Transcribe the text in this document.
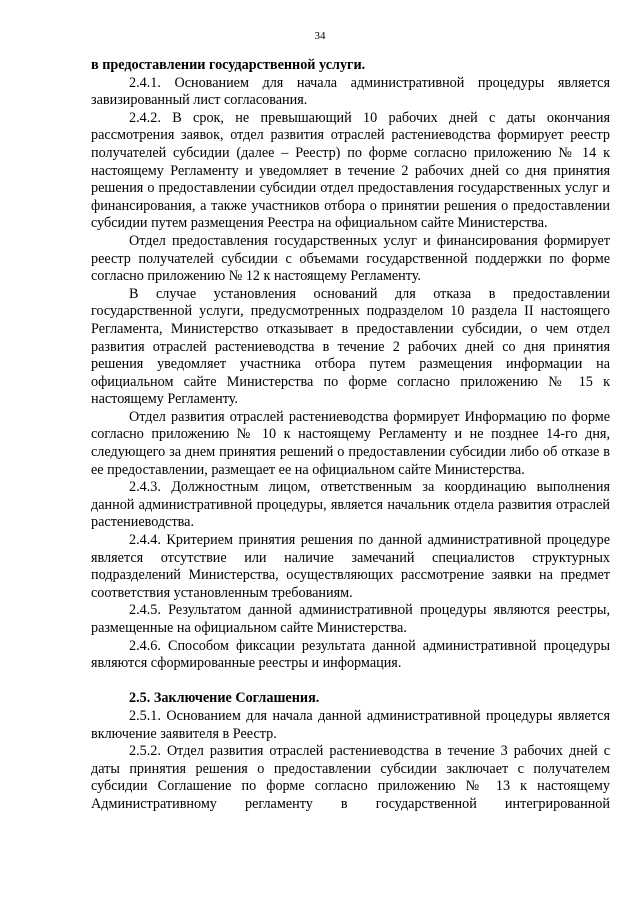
34

в предоставлении государственной услуги.

2.4.1. Основанием для начала административной процедуры является завизированный лист согласования.

2.4.2. В срок, не превышающий 10 рабочих дней с даты окончания рассмотрения заявок, отдел развития отраслей растениеводства формирует реестр получателей субсидии (далее – Реестр) по форме согласно приложению № 14 к настоящему Регламенту и уведомляет в течение 2 рабочих дней со дня принятия решения о предоставлении субсидии отдел предоставления государственных услуг и финансирования, а также участников отбора о принятии решения о предоставлении субсидии путем размещения Реестра на официальном сайте Министерства.

Отдел предоставления государственных услуг и финансирования формирует реестр получателей субсидии с объемами государственной поддержки по форме согласно приложению № 12 к настоящему Регламенту.

В случае установления оснований для отказа в предоставлении государственной услуги, предусмотренных подразделом 10 раздела II настоящего Регламента, Министерство отказывает в предоставлении субсидии, о чем отдел развития отраслей растениеводства в течение 2 рабочих дней со дня принятия решения уведомляет участника отбора путем размещения информации на официальном сайте Министерства по форме согласно приложению № 15 к настоящему Регламенту.

Отдел развития отраслей растениеводства формирует Информацию по форме согласно приложению № 10 к настоящему Регламенту и не позднее 14-го дня, следующего за днем принятия решений о предоставлении субсидии либо об отказе в ее предоставлении, размещает ее на официальном сайте Министерства.

2.4.3. Должностным лицом, ответственным за координацию выполнения данной административной процедуры, является начальник отдела развития отраслей растениеводства.

2.4.4. Критерием принятия решения по данной административной процедуре является отсутствие или наличие замечаний специалистов структурных подразделений Министерства, осуществляющих рассмотрение заявки на предмет соответствия установленным требованиям.

2.4.5. Результатом данной административной процедуры являются реестры, размещенные на официальном сайте Министерства.

2.4.6. Способом фиксации результата данной административной процедуры являются сформированные реестры и информация.

2.5. Заключение Соглашения.

2.5.1. Основанием для начала данной административной процедуры является включение заявителя в Реестр.

2.5.2. Отдел развития отраслей растениеводства в течение 3 рабочих дней с даты принятия решения о предоставлении субсидии заключает с получателем субсидии Соглашение по форме согласно приложению № 13 к настоящему Административному регламенту в государственной интегрированной
